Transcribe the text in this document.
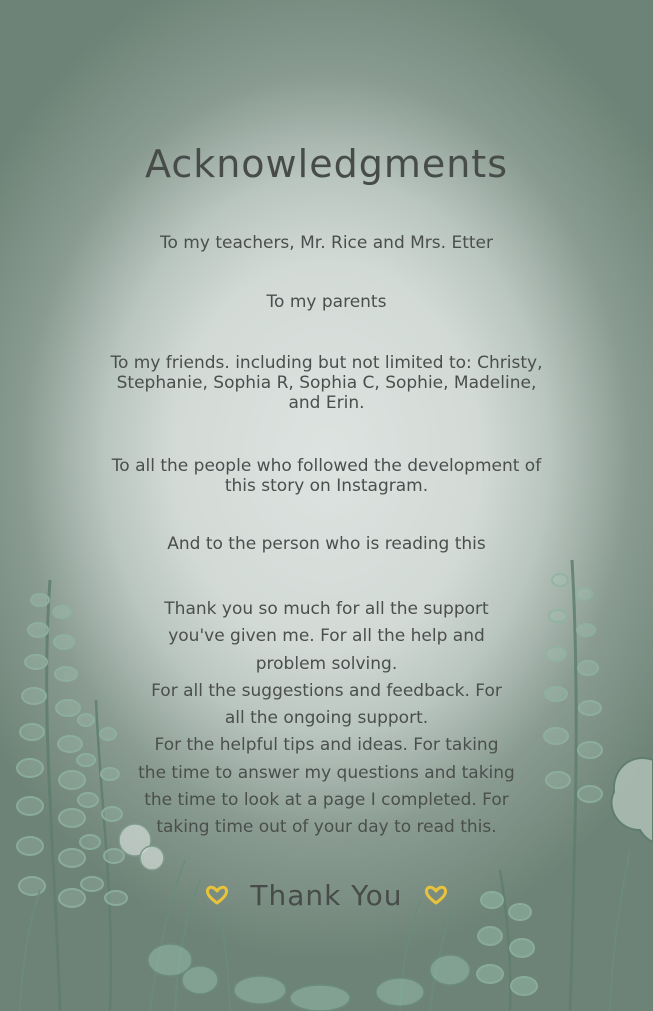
Acknowledgments

To my teachers, Mr. Rice and Mrs. Etter

To my parents

To my friends. including but not limited to: Christy, Stephanie, Sophia R, Sophia C, Sophie, Madeline, and Erin.

To all the people who followed the development of this story on Instagram.

And to the person who is reading this

Thank you so much for all the support
you've given me. For all the help and
problem solving.
For all the suggestions and feedback. For
all the ongoing support.
For the helpful tips and ideas. For taking
the time to answer my questions and taking
the time to look at a page I completed. For
taking time out of your day to read this.
Thank You
